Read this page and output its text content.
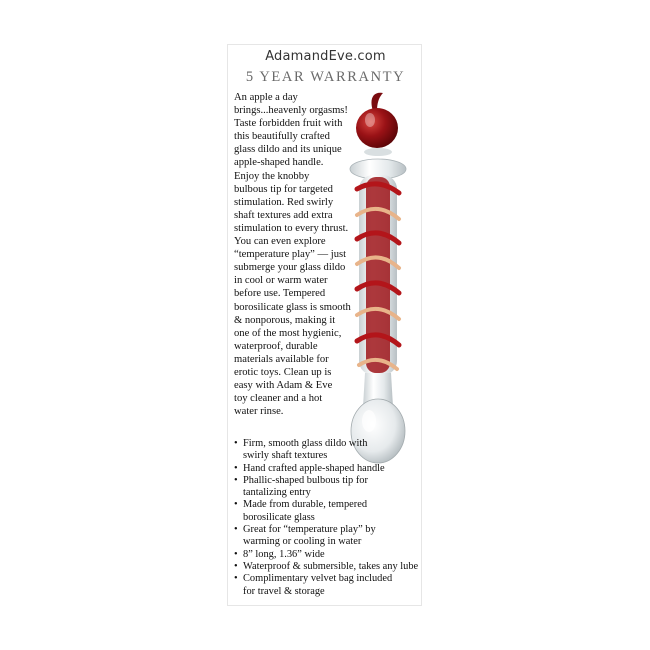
AdamandEve.com
5 YEAR WARRANTY
An apple a day
brings...heavenly orgasms!
Taste forbidden fruit with
this beautifully crafted
glass dildo and its unique
apple-shaped handle.
Enjoy the knobby
bulbous tip for targeted
stimulation. Red swirly
shaft textures add extra
stimulation to every thrust.
You can even explore
“temperature play” — just
submerge your glass dildo
in cool or warm water
before use. Tempered
borosilicate glass is smooth
& nonporous, making it
one of the most hygienic,
waterproof, durable
materials available for
erotic toys. Clean up is
easy with Adam & Eve
toy cleaner and a hot
water rinse.
• Firm, smooth glass dildo with
swirly shaft textures
• Hand crafted apple-shaped handle
• Phallic-shaped bulbous tip for
tantalizing entry
• Made from durable, tempered
borosilicate glass
• Great for “temperature play” by
warming or cooling in water
• 8” long, 1.36” wide
• Waterproof & submersible, takes any lube
• Complimentary velvet bag included
for travel & storage
